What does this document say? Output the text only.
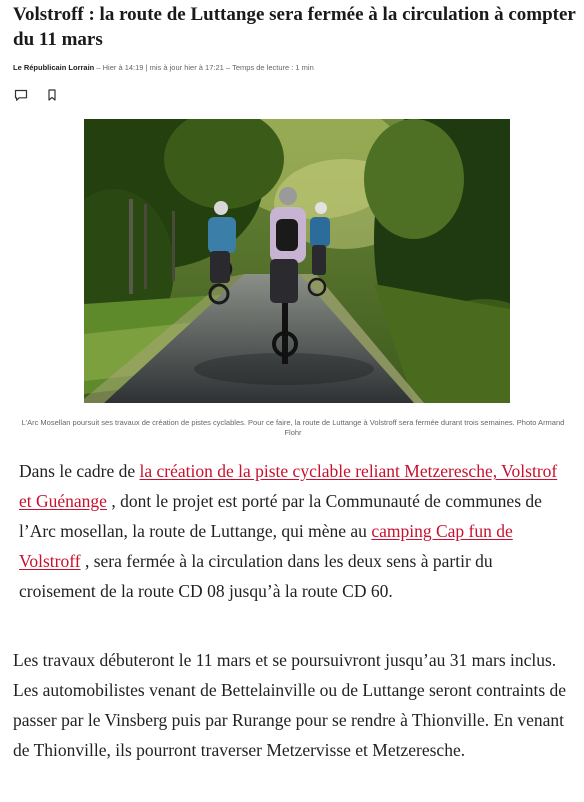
Volstroff : la route de Luttange sera fermée à la circulation à compter du 11 mars
Le Républicain Lorrain – Hier à 14:19 | mis à jour hier à 17:21 – Temps de lecture : 1 min

L’Arc Mosellan poursuit ses travaux de création de pistes cyclables. Pour ce faire, la route de Luttange à Volstroff sera fermée durant trois semaines. Photo Armand Flohr

Dans le cadre de la création de la piste cyclable reliant Metzeresche, Volstrof et Guénange , dont le projet est porté par la Communauté de communes de l’Arc mosellan, la route de Luttange, qui mène au camping Cap fun de Volstroff , sera fermée à la circulation dans les deux sens à partir du croisement de la route CD 08 jusqu’à la route CD 60.

Les travaux débuteront le 11 mars et se poursuivront jusqu’au 31 mars inclus. Les automobilistes venant de Bettelainville ou de Luttange seront contraints de passer par le Vinsberg puis par Rurange pour se rendre à Thionville. En venant de Thionville, ils pourront traverser Metzervisse et Metzeresche.
